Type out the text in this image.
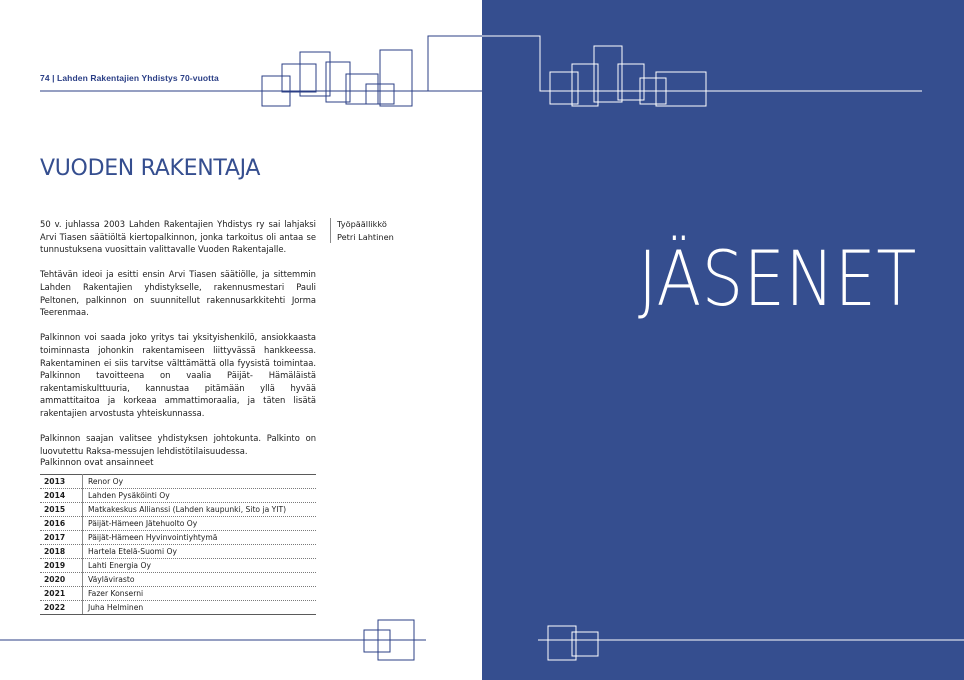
74 | Lahden Rakentajien Yhdistys 70-vuotta
VUODEN RAKENTAJA

50 v. juhlassa 2003 Lahden Rakentajien Yhdistys ry sai lahjaksi Arvi Tiasen säätiöltä kiertopalkinnon, jonka tarkoitus oli antaa se tunnustuksena vuosittain valittavalle Vuoden Rakentajalle.

Tehtävän ideoi ja esitti ensin Arvi Tiasen säätiölle, ja sittemmin Lahden Rakentajien yhdistykselle, rakennusmestari Pauli Peltonen, palkinnon on suunnitellut rakennusarkkitehti Jorma Teerenmaa.

Palkinnon voi saada joko yritys tai yksityishenkilö, ansiokkaasta toiminnasta johonkin rakentamiseen liittyvässä hankkeessa. Rakentaminen ei siis tarvitse välttämättä olla fyysistä toimintaa. Palkinnon tavoitteena on vaalia Päijät- Hämäläistä rakentamiskulttuuria, kannustaa pitämään yllä hyvää ammattitaitoa ja korkeaa ammattimoraalia, ja täten lisätä rakentajien arvostusta yhteiskunnassa.

Palkinnon saajan valitsee yhdistyksen johtokunta. Palkinto on luovutettu Raksa-messujen lehdistötilaisuudessa.

Työpäällikkö
Petri Lahtinen
Palkinnon ovat ansainneet
2013	Renor Oy
2014	Lahden Pysäköinti Oy
2015	Matkakeskus Allianssi (Lahden kaupunki, Sito ja YIT)
2016	Päijät-Hämeen Jätehuolto Oy
2017	Päijät-Hämeen Hyvinvointiyhtymä
2018	Hartela Etelä-Suomi Oy
2019	Lahti Energia Oy
2020	Väylävirasto
2021	Fazer Konserni
2022	Juha Helminen
JÄSENET
